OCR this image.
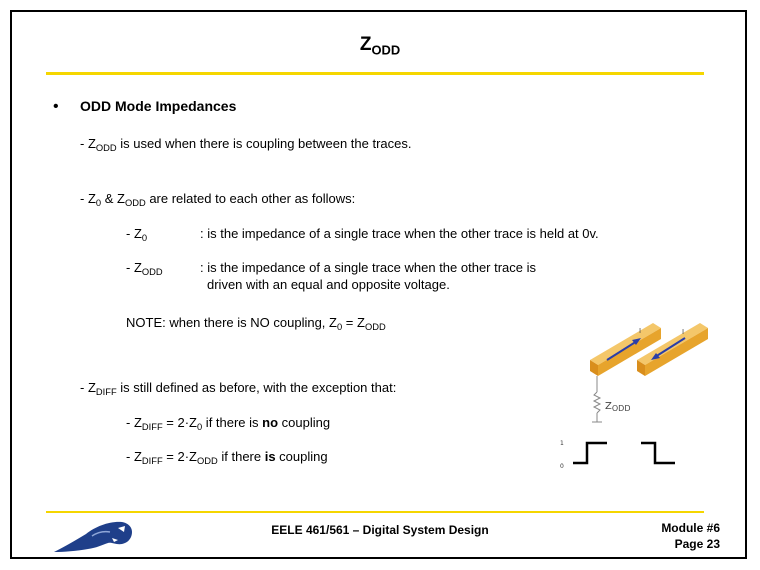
$Z_{ODD}$
• ODD Mode Impedances
- $Z_{ODD}$ is used when there is coupling between the traces.
- $Z_0$ & $Z_{ODD}$ are related to each other as follows:
- $Z_0$	: is the impedance of a single trace when the other trace is held at 0v.
- $Z_{ODD}$	: is the impedance of a single trace when the other trace is
driven with an equal and opposite voltage.
NOTE: when there is NO coupling, $Z_0 = Z_{ODD}$
- $Z_{DIFF}$ is still defined as before, with the exception that:
- $Z_{DIFF} = 2\cdot Z_0$ if there is no coupling
- $Z_{DIFF} = 2\cdot Z_{ODD}$ if there is coupling
I	I
$Z_{ODD}$
1
0
EELE 461/561 – Digital System Design	Module #6
Page 23
